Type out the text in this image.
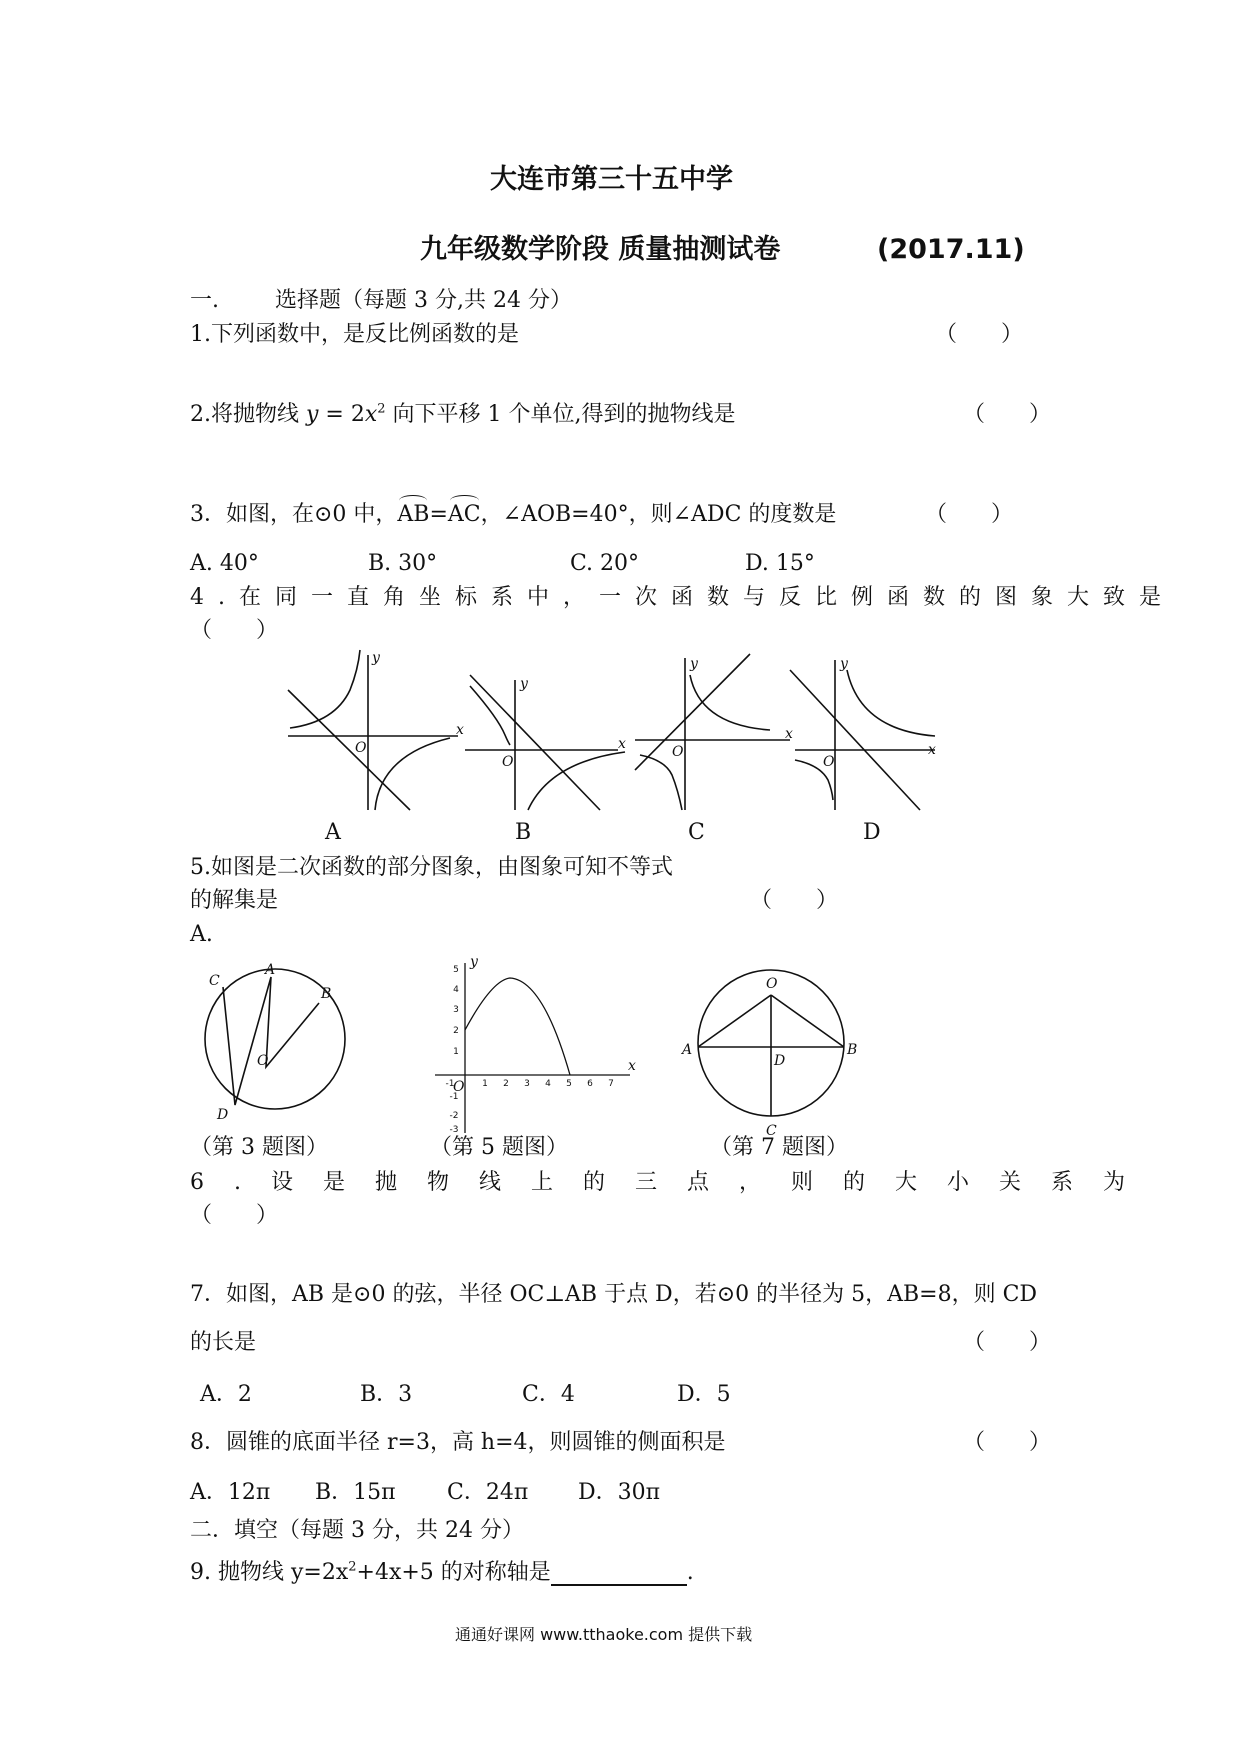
大连市第三十五中学
九年级数学阶段 质量抽测试卷	(2017.11)
一.	选择题（每题 3 分,共 24 分）
1.下列函数中，是反比例函数的是	（　　）
2.将抛物线 $y = 2x^2$ 向下平移 1 个单位,得到的抛物线是	（　　）
3．如图，在⊙0 中，AB=AC，∠AOB=40°，则∠ADC 的度数是	（　　）
A. 40°	B. 30°	C. 20°	D. 15°
4.在同一直角坐标系中，一次函数与反比例函数的图象大致是
（　　）
y
x
O
y
x
O
y
x
O
y
x
O
A	B	C	D
5.如图是二次函数的部分图象，由图象可知不等式
的解集是	（　　）
A.
A
B
C
D
O
-1	1 2 3 4 5 6 7
5
4
3
2
1
-1
-2
-3
y
x
O
O
A	B
D
C
（第 3 题图）	（第 5 题图）	（第 7 题图）
6.设是抛物线上的三点，则的大小关系为
（　　）
7．如图，AB 是⊙0 的弦，半径 OC⊥AB 于点 D，若⊙0 的半径为 5，AB=8，则 CD
的长是	（　　）
A．2	B．3	C．4	D．5
8．圆锥的底面半径 r=3，高 h=4，则圆锥的侧面积是	（　　）
A．12π B．15π C．24π D．30π
二．填空（每题 3 分，共 24 分）
9. 抛物线 $y=2x^2+4x+5$ 的对称轴是	.
通通好课网 www.tthaoke.com 提供下载
